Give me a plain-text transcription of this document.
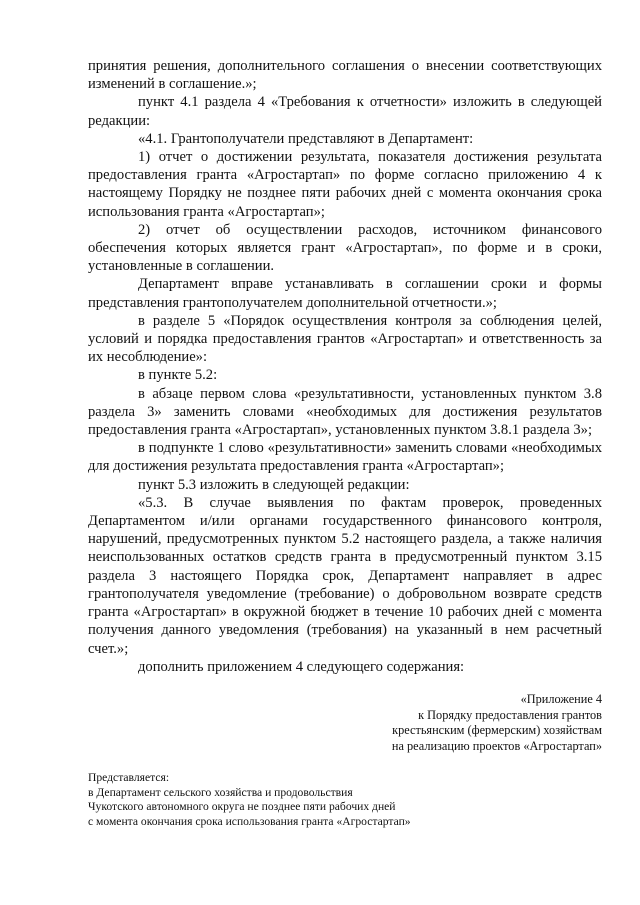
принятия решения, дополнительного соглашения о внесении соответствующих изменений в соглашение.»;

пункт 4.1 раздела 4 «Требования к отчетности» изложить в следующей редакции:

«4.1. Грантополучатели представляют в Департамент:

1) отчет о достижении результата, показателя достижения результата предоставления гранта «Агростартап» по форме согласно приложению 4 к настоящему Порядку не позднее пяти рабочих дней с момента окончания срока использования гранта «Агростартап»;

2) отчет об осуществлении расходов, источником финансового обеспечения которых является грант «Агростартап», по форме и в сроки, установленные в соглашении.

Департамент вправе устанавливать в соглашении сроки и формы представления грантополучателем дополнительной отчетности.»;

в разделе 5 «Порядок осуществления контроля за соблюдения целей, условий и порядка предоставления грантов «Агростартап» и ответственность за их несоблюдение»:

в пункте 5.2:

в абзаце первом слова «результативности, установленных пунктом 3.8 раздела 3» заменить словами «необходимых для достижения результатов предоставления гранта «Агростартап», установленных пунктом 3.8.1 раздела 3»;

в подпункте 1 слово «результативности» заменить словами «необходимых для достижения результата предоставления гранта «Агростартап»;

пункт 5.3 изложить в следующей редакции:

«5.3. В случае выявления по фактам проверок, проведенных Департаментом и/или органами государственного финансового контроля, нарушений, предусмотренных пунктом 5.2 настоящего раздела, а также наличия неиспользованных остатков средств гранта в предусмотренный пунктом 3.15 раздела 3 настоящего Порядка срок, Департамент направляет в адрес грантополучателя уведомление (требование) о добровольном возврате средств гранта «Агростартап» в окружной бюджет в течение 10 рабочих дней с момента получения данного уведомления (требования) на указанный в нем расчетный счет.»;

дополнить приложением 4 следующего содержания:

«Приложение 4
к Порядку предоставления грантов
крестьянским (фермерским) хозяйствам
на реализацию проектов «Агростартап»
Представляется:
в Департамент сельского хозяйства и продовольствия
Чукотского автономного округа не позднее пяти рабочих дней
с момента окончания срока использования гранта «Агростартап»
